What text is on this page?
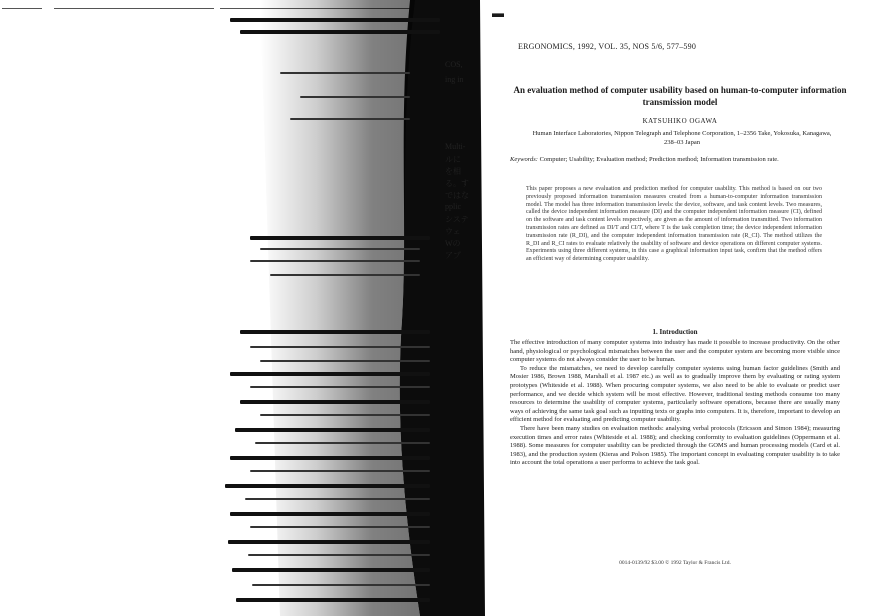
COS,
ing in
Multi-
ルに
を相
る。す
ではな
pplic
システ
ウェ
Wの
アプ
▬
ERGONOMICS, 1992, VOL. 35, NOS 5/6, 577–590
An evaluation method of computer usability based on human-to-computer information transmission model
KATSUHIKO OGAWA
Human Interface Laboratories, Nippon Telegraph and Telephone Corporation, 1–2356 Take, Yokosuka, Kanagawa, 238–03 Japan
Keywords: Computer; Usability; Evaluation method; Prediction method; Information transmission rate.
This paper proposes a new evaluation and prediction method for computer usability. This method is based on our two previously proposed information transmission measures created from a human-to-computer information transmission model. The model has three information transmission levels: the device, software, and task content levels. Two measures, called the device independent information measure (DI) and the computer independent information measure (CI), defined on the software and task content levels respectively, are given as the amount of information transmitted. Two information transmission rates are defined as DI/T and CI/T, where T is the task completion time; the device independent information transmission rate (R_DI), and the computer independent information transmission rate (R_CI). The method utilizes the R_DI and R_CI rates to evaluate relatively the usability of software and device operations on different computer systems. Experiments using three different systems, in this case a graphical information input task, confirm that the method offers an efficient way of determining computer usability.
1. Introduction

The effective introduction of many computer systems into industry has made it possible to increase productivity. On the other hand, physiological or psychological mismatches between the user and the computer system are becoming more visible since computer systems do not always consider the user to be human.

To reduce the mismatches, we need to develop carefully computer systems using human factor guidelines (Smith and Mosier 1986, Brown 1988, Marshall et al. 1987 etc.) as well as to gradually improve them by evaluating or rating system prototypes (Whiteside et al. 1988). When procuring computer systems, we also need to be able to evaluate or predict user performance, and we decide which system will be most effective. However, traditional testing methods consume too many resources to determine the usability of computer systems, particularly software operations, because there are usually many ways of achieving the same task goal such as inputting texts or graphs into computers. It is, therefore, important to develop an efficient method for evaluating and predicting computer usability.

There have been many studies on evaluation methods: analysing verbal protocols (Ericsson and Simon 1984); measuring execution times and error rates (Whiteside et al. 1988); and checking conformity to evaluation guidelines (Oppermann et al. 1988). Some measures for computer usability can be predicted through the GOMS and human processing models (Card et al. 1983), and the production system (Kieras and Polson 1985). The important concept in evaluating computer usability is to take into account the total operations a user performs to achieve the task goal.

0014-0139/92 $3.00 © 1992 Taylor & Francis Ltd.
